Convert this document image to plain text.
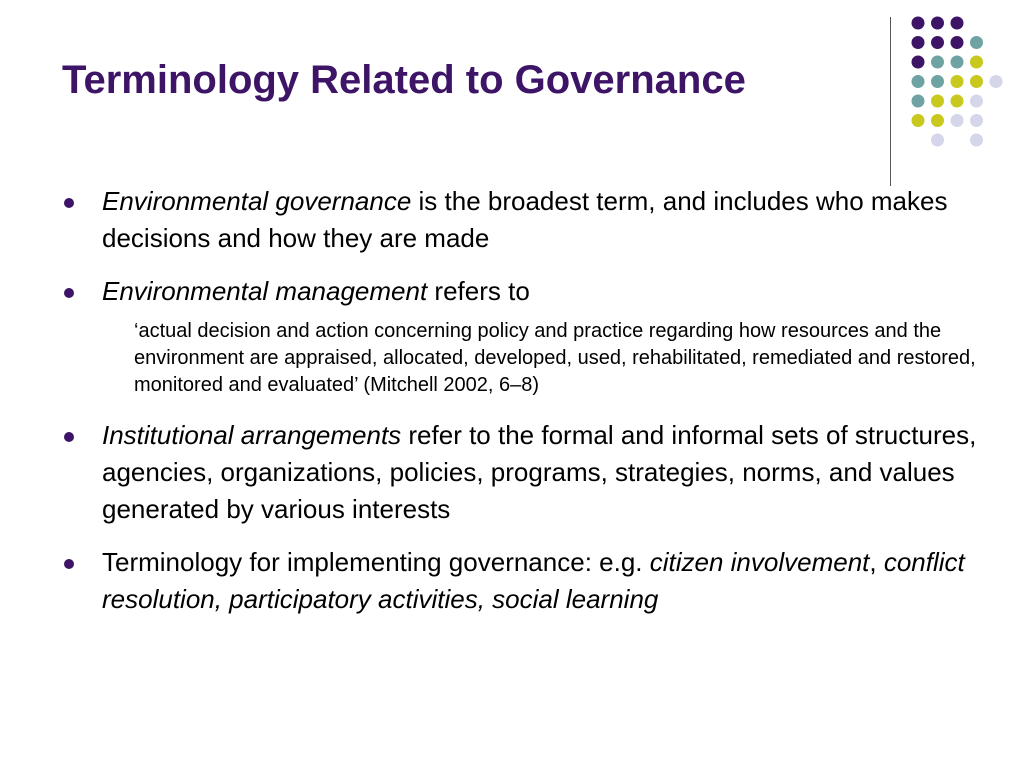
Terminology Related to Governance
Environmental governance is the broadest term, and includes who makes decisions and how they are made
Environmental management refers to
‘actual decision and action concerning policy and practice regarding how resources and the environment are appraised, allocated, developed, used, rehabilitated, remediated and restored, monitored and evaluated’ (Mitchell 2002, 6–8)
Institutional arrangements refer to the formal and informal sets of structures, agencies, organizations, policies, programs, strategies, norms, and values generated by various interests
Terminology for implementing governance: e.g. citizen involvement, conflict resolution, participatory activities, social learning
